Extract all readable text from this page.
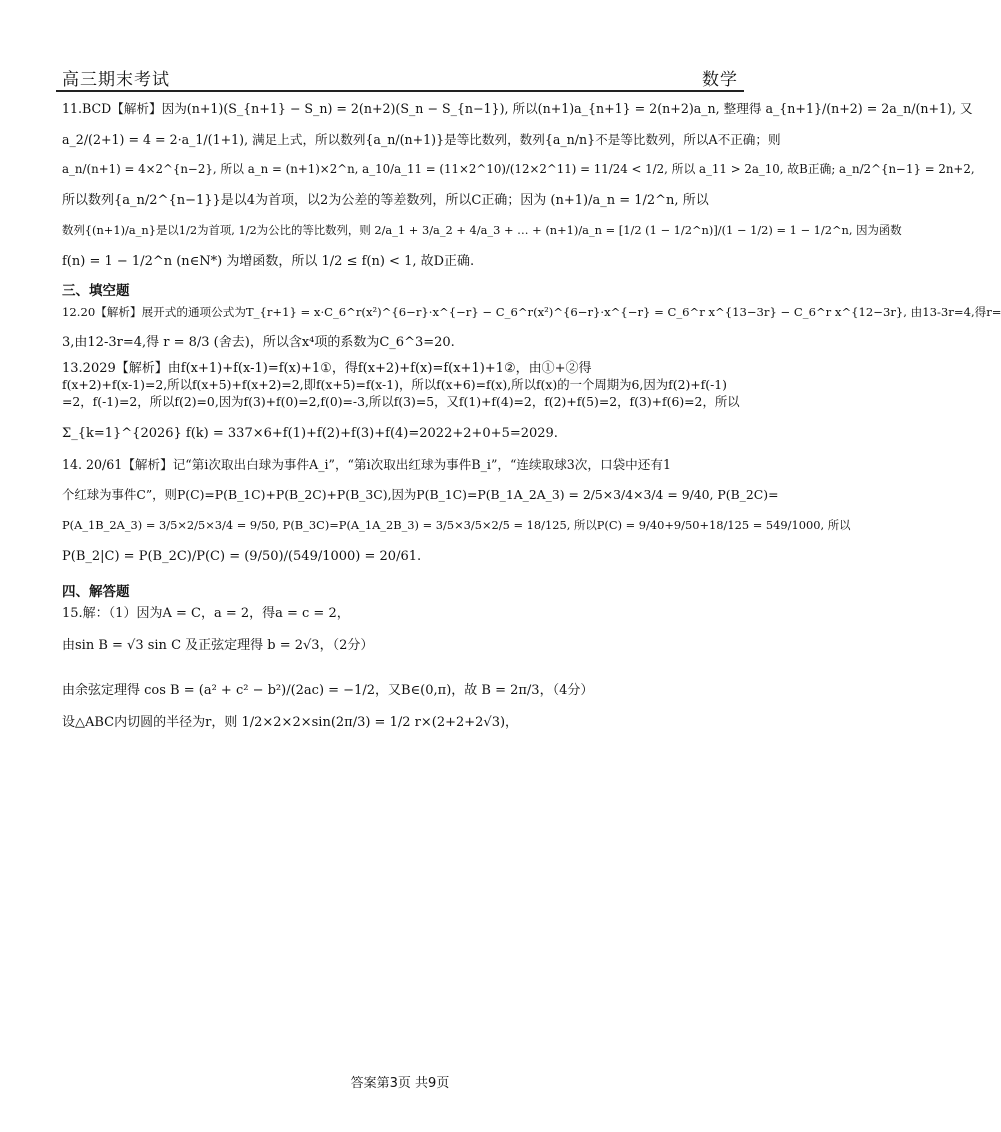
高三期末考试	数学

11.BCD【解析】因为(n+1)(S_{n+1} − S_n) = 2(n+2)(S_n − S_{n−1}), 所以(n+1)a_{n+1} = 2(n+2)a_n, 整理得 a_{n+1}/(n+2) = 2a_n/(n+1), 又

a_2/(2+1) = 4 = 2·a_1/(1+1), 满足上式，所以数列{a_n/(n+1)}是等比数列，数列{a_n/n}不是等比数列，所以A不正确；则

a_n/(n+1) = 4×2^{n−2}, 所以 a_n = (n+1)×2^n, a_10/a_11 = (11×2^10)/(12×2^11) = 11/24 < 1/2, 所以 a_11 > 2a_10, 故B正确; a_n/2^{n−1} = 2n+2,

所以数列{a_n/2^{n−1}}是以4为首项，以2为公差的等差数列，所以C正确；因为 (n+1)/a_n = 1/2^n, 所以

数列{(n+1)/a_n}是以1/2为首项, 1/2为公比的等比数列，则 2/a_1 + 3/a_2 + 4/a_3 + … + (n+1)/a_n = [1/2 (1 − 1/2^n)]/(1 − 1/2) = 1 − 1/2^n, 因为函数

f(n) = 1 − 1/2^n (n∈N*) 为增函数，所以 1/2 ≤ f(n) < 1, 故D正确.

三、填空题

12.20【解析】展开式的通项公式为T_{r+1} = x·C_6^r(x²)^{6−r}·x^{−r} − C_6^r(x²)^{6−r}·x^{−r} = C_6^r x^{13−3r} − C_6^r x^{12−3r}, 由13-3r=4,得r=

3,由12-3r=4,得 r = 8/3 (舍去)，所以含x⁴项的系数为C_6^3=20.

13.2029【解析】由f(x+1)+f(x-1)=f(x)+1①，得f(x+2)+f(x)=f(x+1)+1②，由①+②得

f(x+2)+f(x-1)=2,所以f(x+5)+f(x+2)=2,即f(x+5)=f(x-1)，所以f(x+6)=f(x),所以f(x)的一个周期为6,因为f(2)+f(-1)

=2，f(-1)=2，所以f(2)=0,因为f(3)+f(0)=2,f(0)=-3,所以f(3)=5，又f(1)+f(4)=2，f(2)+f(5)=2，f(3)+f(6)=2，所以

Σ_{k=1}^{2026} f(k) = 337×6+f(1)+f(2)+f(3)+f(4)=2022+2+0+5=2029.

14. 20/61【解析】记“第i次取出白球为事件A_i”，“第i次取出红球为事件B_i”，“连续取球3次，口袋中还有1

个红球为事件C”，则P(C)=P(B_1C)+P(B_2C)+P(B_3C),因为P(B_1C)=P(B_1A_2A_3) = 2/5×3/4×3/4 = 9/40, P(B_2C)=

P(A_1B_2A_3) = 3/5×2/5×3/4 = 9/50, P(B_3C)=P(A_1A_2B_3) = 3/5×3/5×2/5 = 18/125, 所以P(C) = 9/40+9/50+18/125 = 549/1000, 所以

P(B_2|C) = P(B_2C)/P(C) = (9/50)/(549/1000) = 20/61.

四、解答题

15.解：（1）因为A = C，a = 2，得a = c = 2，

由sin B = √3 sin C 及正弦定理得 b = 2√3，（2分）

由余弦定理得 cos B = (a² + c² − b²)/(2ac) = −1/2，又B∈(0,π)，故 B = 2π/3，（4分）

设△ABC内切圆的半径为r，则 1/2×2×2×sin(2π/3) = 1/2 r×(2+2+2√3)，

答案第3页 共9页
